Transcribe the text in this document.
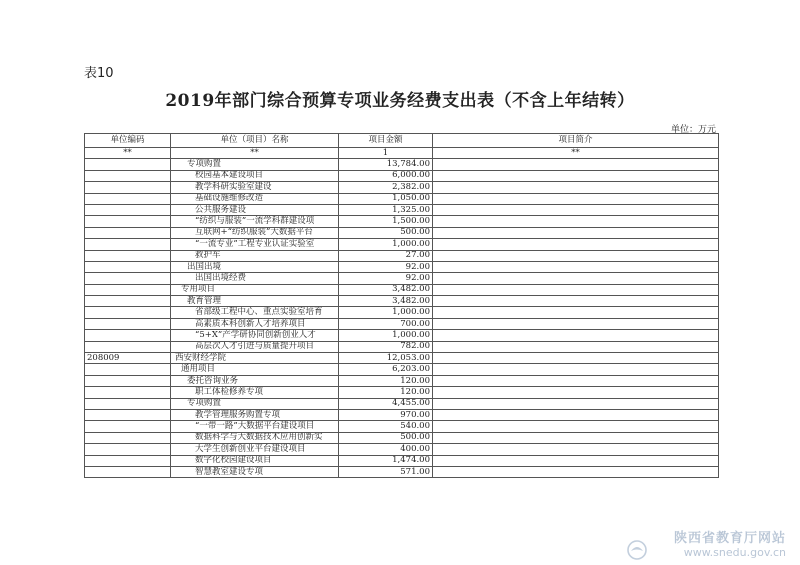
表10
2019年部门综合预算专项业务经费支出表（不含上年结转）
单位：万元
单位编码	单位（项目）名称	项目金额	项目简介
**	**	1	**
	专项购置	13,784.00	
	校园基本建设项目	6,000.00	
	教学科研实验室建设	2,382.00	
	基础设施维修改造	1,050.00	
	公共服务建设	1,325.00	
	“纺织与服装”一流学科群建设项	1,500.00	
	互联网+“纺织服装”大数据平台	500.00	
	“一流专业”工程专业认证实验室	1,000.00	
	救护车	27.00	
	出国出境	92.00	
	出国出境经费	92.00	
	专用项目	3,482.00	
	教育管理	3,482.00	
	省部级工程中心、重点实验室培育	1,000.00	
	高素质本科创新人才培养项目	700.00	
	“5+X”产学研协同创新创业人才	1,000.00	
	高层次人才引进与质量提升项目	782.00	
208009	西安财经学院	12,053.00	
	通用项目	6,203.00	
	委托咨询业务	120.00	
	职工体检修养专项	120.00	
	专项购置	4,455.00	
	教学管理服务购置专项	970.00	
	“一带一路”大数据平台建设项目	540.00	
	数据科学与大数据技术应用创新实	500.00	
	大学生创新创业平台建设项目	400.00	
	数字化校园建设项目	1,474.00	
	智慧教室建设专项	571.00	
陕西省教育厅网站
www.snedu.gov.cn
